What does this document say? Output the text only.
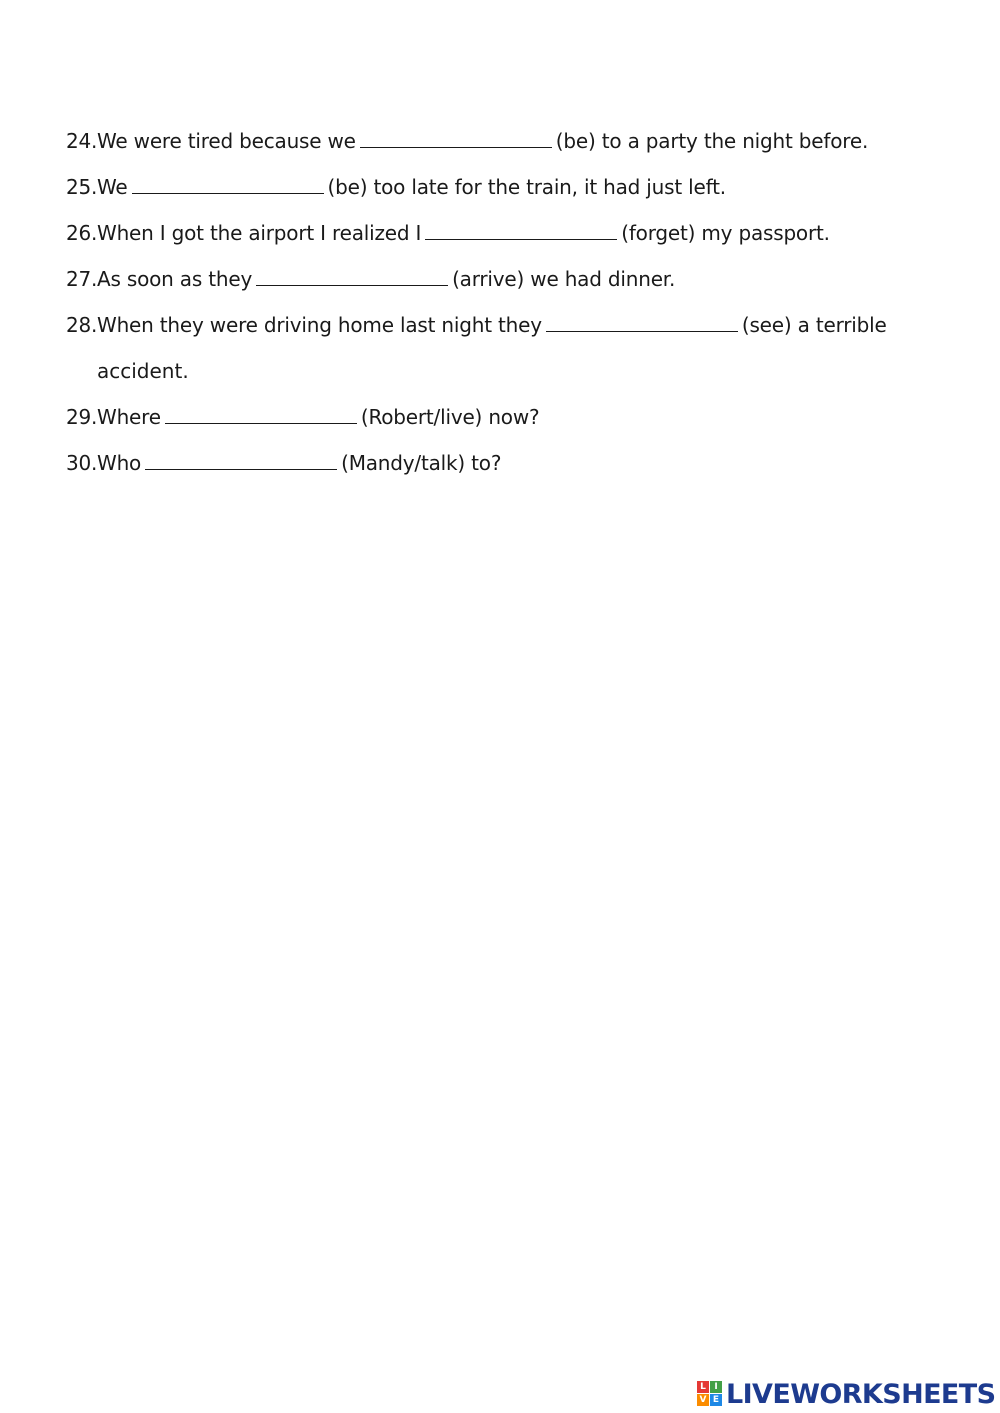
24. We were tired because we	(be) to a party the night before.
25. We	(be) too late for the train, it had just left.
26. When I got the airport I realized I	(forget) my passport.
27. As soon as they	(arrive) we had dinner.
28. When they were driving home last night they	(see) a terrible
accident.
29. Where	(Robert/live) now?
30. Who	(Mandy/talk) to?
L I
V E LIVEWORKSHEETS
